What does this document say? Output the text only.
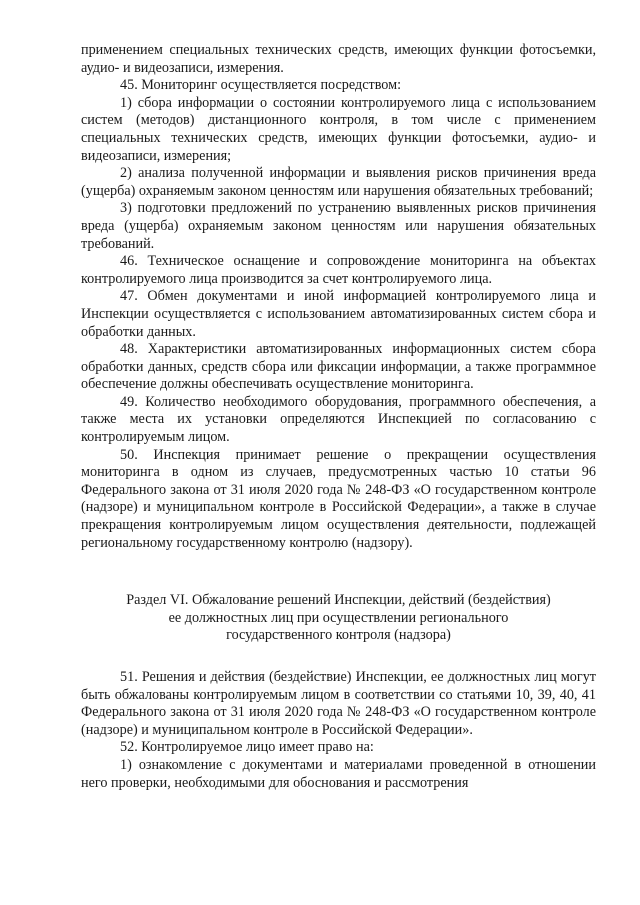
применением специальных технических средств, имеющих функции фотосъемки, аудио- и видеозаписи, измерения.

45. Мониторинг осуществляется посредством:

1) сбора информации о состоянии контролируемого лица с использованием систем (методов) дистанционного контроля, в том числе с применением специальных технических средств, имеющих функции фотосъемки, аудио- и видеозаписи, измерения;

2) анализа полученной информации и выявления рисков причинения вреда (ущерба) охраняемым законом ценностям или нарушения обязательных требований;

3) подготовки предложений по устранению выявленных рисков причинения вреда (ущерба) охраняемым законом ценностям или нарушения обязательных требований.

46. Техническое оснащение и сопровождение мониторинга на объектах контролируемого лица производится за счет контролируемого лица.

47. Обмен документами и иной информацией контролируемого лица и Инспекции осуществляется с использованием автоматизированных систем сбора и обработки данных.

48. Характеристики автоматизированных информационных систем сбора обработки данных, средств сбора или фиксации информации, а также программное обеспечение должны обеспечивать осуществление мониторинга.

49. Количество необходимого оборудования, программного обеспечения, а также места их установки определяются Инспекцией по согласованию с контролируемым лицом.

50. Инспекция принимает решение о прекращении осуществления мониторинга в одном из случаев, предусмотренных частью 10 статьи 96 Федерального закона от 31 июля 2020 года № 248-ФЗ «О государственном контроле (надзоре) и муниципальном контроле в Российской Федерации», а также в случае прекращения контролируемым лицом осуществления деятельности, подлежащей региональному государственному контролю (надзору).

Раздел VI. Обжалование решений Инспекции, действий (бездействия)

ее должностных лиц при осуществлении регионального

государственного контроля (надзора)

51. Решения и действия (бездействие) Инспекции, ее должностных лиц могут быть обжалованы контролируемым лицом в соответствии со статьями 10, 39, 40, 41 Федерального закона от 31 июля 2020 года № 248-ФЗ «О государственном контроле (надзоре) и муниципальном контроле в Российской Федерации».

52. Контролируемое лицо имеет право на:

1) ознакомление с документами и материалами проведенной в отношении него проверки, необходимыми для обоснования и рассмотрения
